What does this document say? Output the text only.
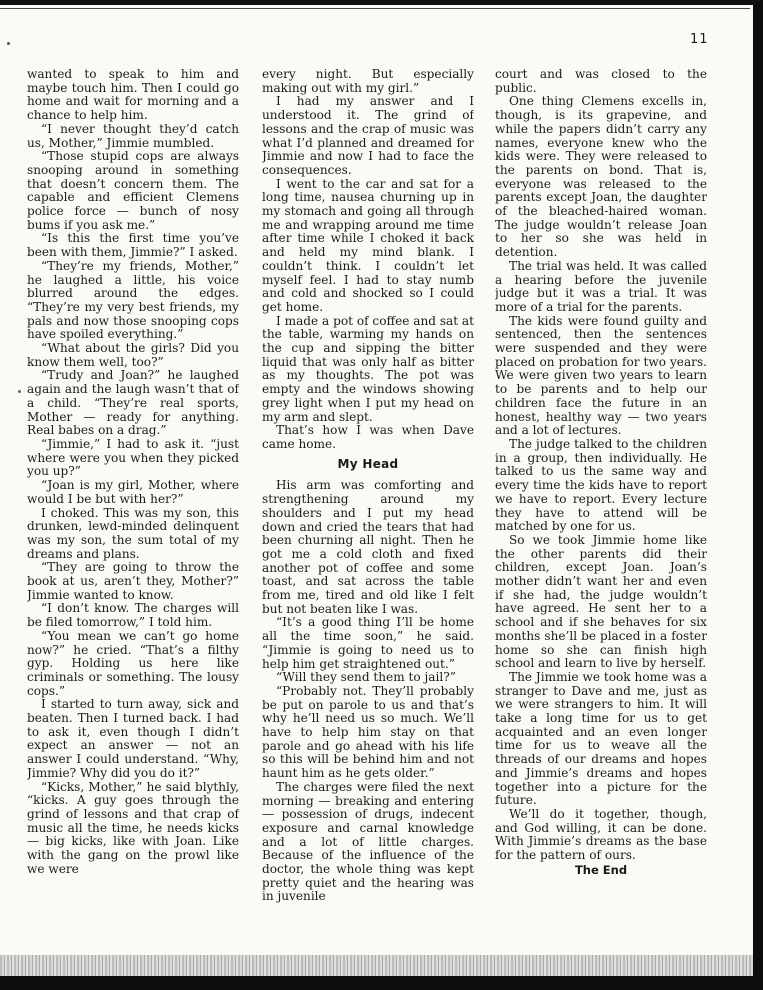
11

wanted to speak to him and maybe touch him. Then I could go home and wait for morning and a chance to help him.

“I never thought they’d catch us, Mother,” Jimmie mumbled.

“Those stupid cops are always snooping around in something that doesn’t concern them. The capable and efficient Clemens police force — bunch of nosy bums if you ask me.”

“Is this the first time you’ve been with them, Jimmie?” I asked.

“They’re my friends, Mother,” he laughed a little, his voice blurred around the edges. “They’re my very best friends, my pals and now those snooping cops have spoiled everything.”

“What about the girls? Did you know them well, too?”

“Trudy and Joan?” he laughed again and the laugh wasn’t that of a child. “They’re real sports, Mother — ready for anything. Real babes on a drag.”

“Jimmie,” I had to ask it. “just where were you when they picked you up?”

“Joan is my girl, Mother, where would I be but with her?”

I choked. This was my son, this drunken, lewd-minded delinquent was my son, the sum total of my dreams and plans.

“They are going to throw the book at us, aren’t they, Mother?” Jimmie wanted to know.

“I don’t know. The charges will be filed tomorrow,” I told him.

“You mean we can’t go home now?” he cried. “That’s a filthy gyp. Holding us here like criminals or something. The lousy cops.”

I started to turn away, sick and beaten. Then I turned back. I had to ask it, even though I didn’t expect an answer — not an answer I could understand. “Why, Jimmie? Why did you do it?”

“Kicks, Mother,” he said blythly, “kicks. A guy goes through the grind of lessons and that crap of music all the time, he needs kicks — big kicks, like with Joan. Like with the gang on the prowl like we were

every night. But especially making out with my girl.”

I had my answer and I understood it. The grind of lessons and the crap of music was what I’d planned and dreamed for Jimmie and now I had to face the consequences.

I went to the car and sat for a long time, nausea churning up in my stomach and going all through me and wrapping around me time after time while I choked it back and held my mind blank. I couldn’t think. I couldn’t let myself feel. I had to stay numb and cold and shocked so I could get home.

I made a pot of coffee and sat at the table, warming my hands on the cup and sipping the bitter liquid that was only half as bitter as my thoughts. The pot was empty and the windows showing grey light when I put my head on my arm and slept.

That’s how I was when Dave came home.

My Head

His arm was comforting and strengthening around my shoulders and I put my head down and cried the tears that had been churning all night. Then he got me a cold cloth and fixed another pot of coffee and some toast, and sat across the table from me, tired and old like I felt but not beaten like I was.

“It’s a good thing I’ll be home all the time soon,” he said. “Jimmie is going to need us to help him get straightened out.”

“Will they send them to jail?”

“Probably not. They’ll probably be put on parole to us and that’s why he’ll need us so much. We’ll have to help him stay on that parole and go ahead with his life so this will be behind him and not haunt him as he gets older.”

The charges were filed the next morning — breaking and entering — possession of drugs, indecent exposure and carnal knowledge and a lot of little charges. Because of the influence of the doctor, the whole thing was kept pretty quiet and the hearing was in juvenile

court and was closed to the public.

One thing Clemens excells in, though, is its grapevine, and while the papers didn’t carry any names, everyone knew who the kids were. They were released to the parents on bond. That is, everyone was released to the parents except Joan, the daughter of the bleached-haired woman. The judge wouldn’t release Joan to her so she was held in detention.

The trial was held. It was called a hearing before the juvenile judge but it was a trial. It was more of a trial for the parents.

The kids were found guilty and sentenced, then the sentences were suspended and they were placed on probation for two years. We were given two years to learn to be parents and to help our children face the future in an honest, healthy way — two years and a lot of lectures.

The judge talked to the children in a group, then individually. He talked to us the same way and every time the kids have to report we have to report. Every lecture they have to attend will be matched by one for us.

So we took Jimmie home like the other parents did their children, except Joan. Joan’s mother didn’t want her and even if she had, the judge wouldn’t have agreed. He sent her to a school and if she behaves for six months she’ll be placed in a foster home so she can finish high school and learn to live by herself.

The Jimmie we took home was a stranger to Dave and me, just as we were strangers to him. It will take a long time for us to get acquainted and an even longer time for us to weave all the threads of our dreams and hopes and Jimmie’s dreams and hopes together into a picture for the future.

We’ll do it together, though, and God willing, it can be done. With Jimmie’s dreams as the base for the pattern of ours.

The End
